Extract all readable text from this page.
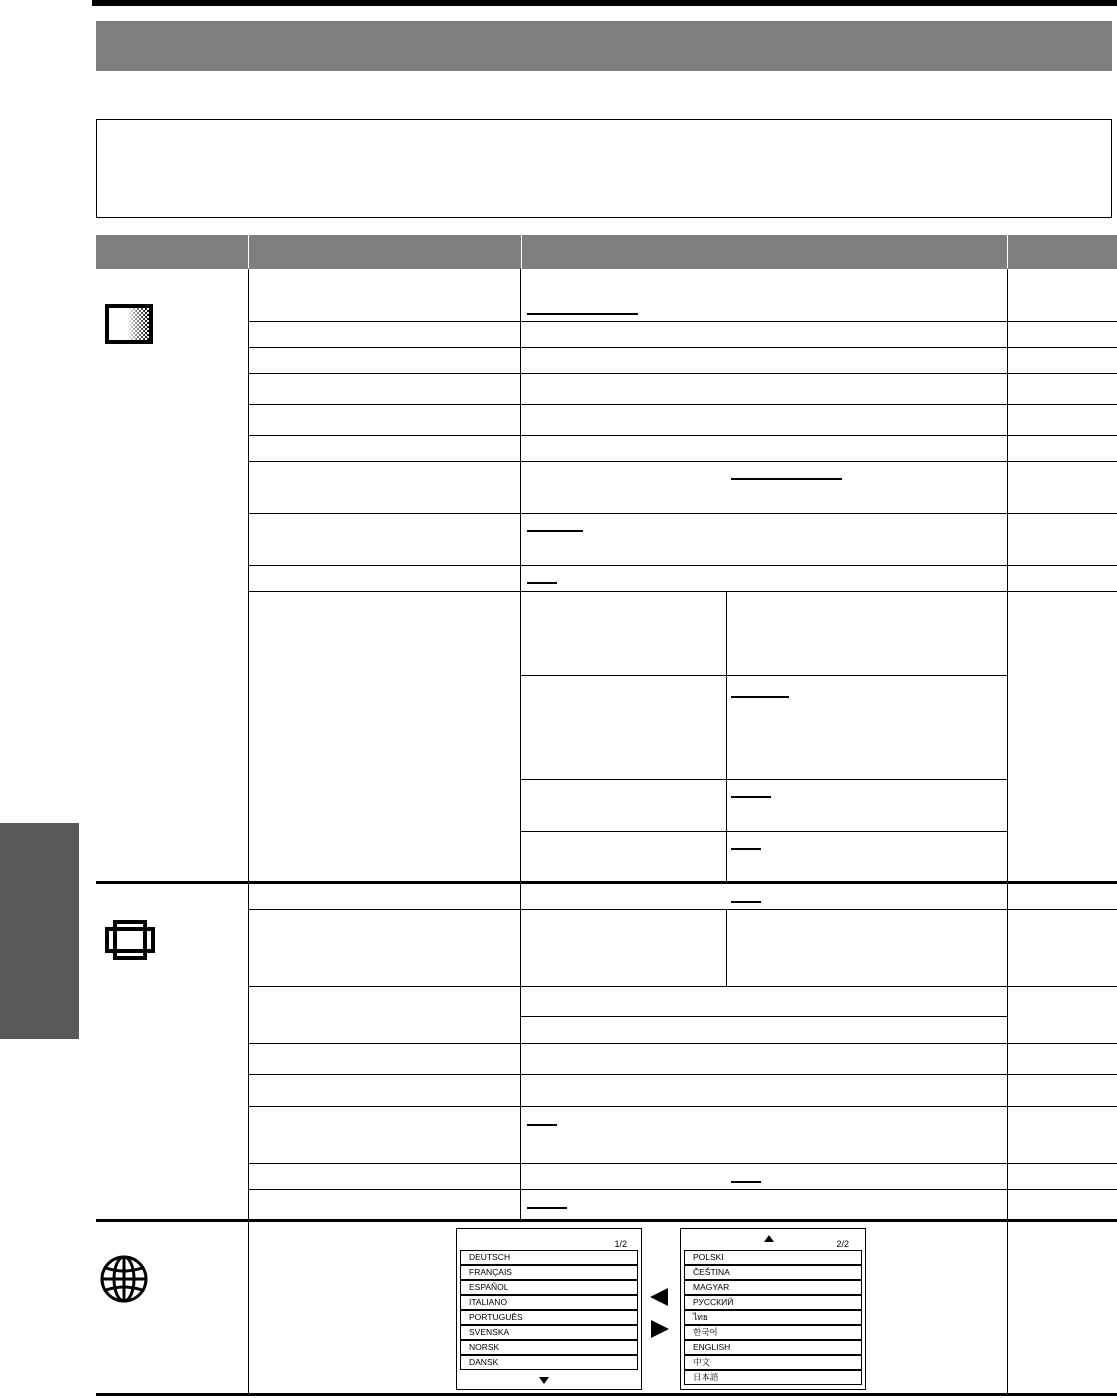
1/2
DEUTSCH
FRANÇAIS
ESPAÑOL
ITALIANO
PORTUGUÊS
SVENSKA
NORSK
DANSK
2/2
POLSKI
ČEŠTINA
MAGYAR
РУССКИЙ
ไทย
한국어
ENGLISH
中文
日本語
